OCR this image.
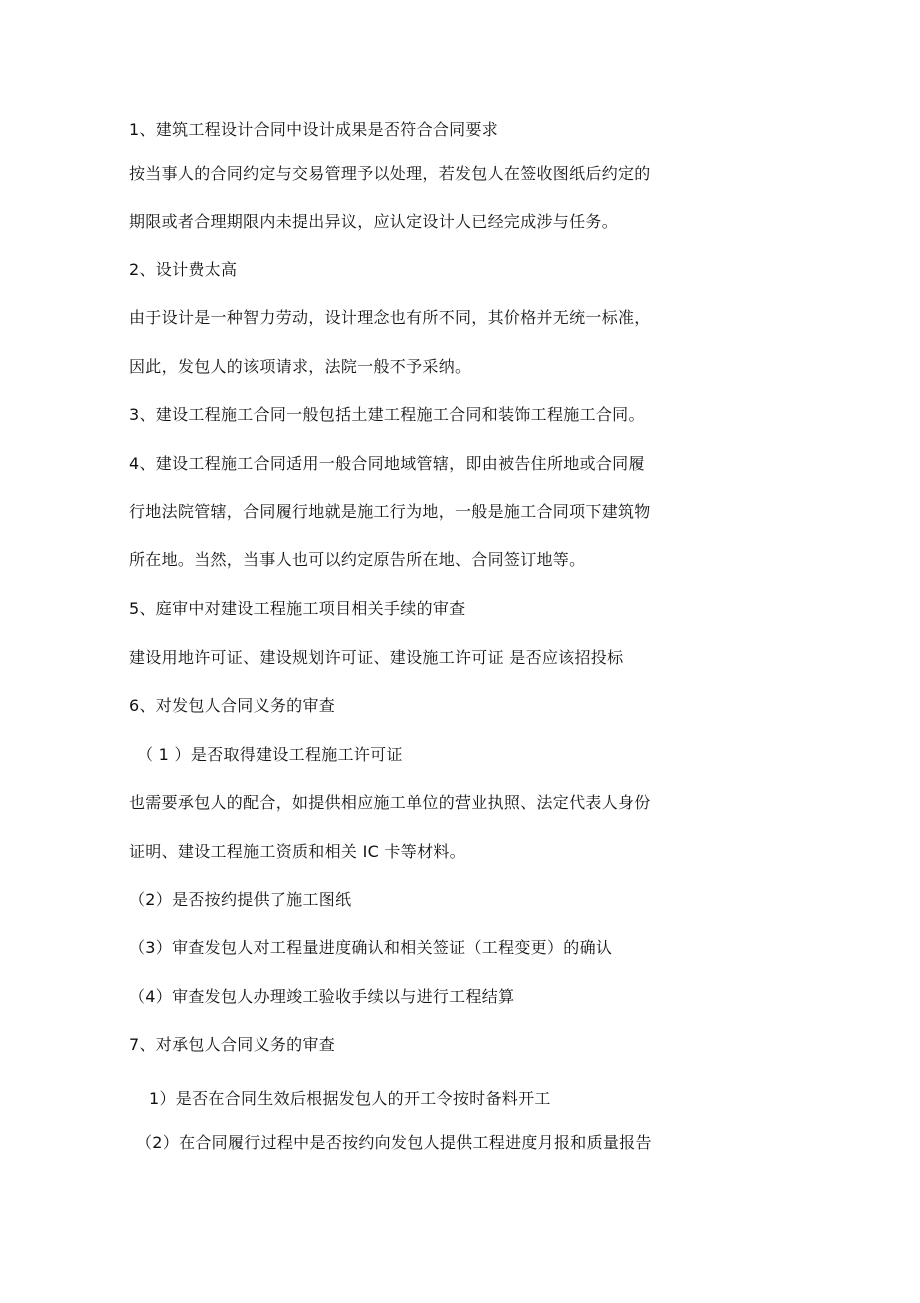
1、建筑工程设计合同中设计成果是否符合合同要求
按当事人的合同约定与交易管理予以处理，若发包人在签收图纸后约定的
期限或者合理期限内未提出异议，应认定设计人已经完成涉与任务。
2、设计费太高
由于设计是一种智力劳动，设计理念也有所不同，其价格并无统一标准，
因此，发包人的该项请求，法院一般不予采纳。
3、建设工程施工合同一般包括土建工程施工合同和装饰工程施工合同。
4、建设工程施工合同适用一般合同地域管辖，即由被告住所地或合同履
行地法院管辖，合同履行地就是施工行为地，一般是施工合同项下建筑物
所在地。当然，当事人也可以约定原告所在地、合同签订地等。
5、庭审中对建设工程施工项目相关手续的审查
建设用地许可证、建设规划许可证、建设施工许可证 是否应该招投标
6、对发包人合同义务的审查
（ 1 ）是否取得建设工程施工许可证
也需要承包人的配合，如提供相应施工单位的营业执照、法定代表人身份
证明、建设工程施工资质和相关 IC 卡等材料。
（2）是否按约提供了施工图纸
（3）审查发包人对工程量进度确认和相关签证（工程变更）的确认
（4）审查发包人办理竣工验收手续以与进行工程结算
7、对承包人合同义务的审查
1）是否在合同生效后根据发包人的开工令按时备料开工
（2）在合同履行过程中是否按约向发包人提供工程进度月报和质量报告
